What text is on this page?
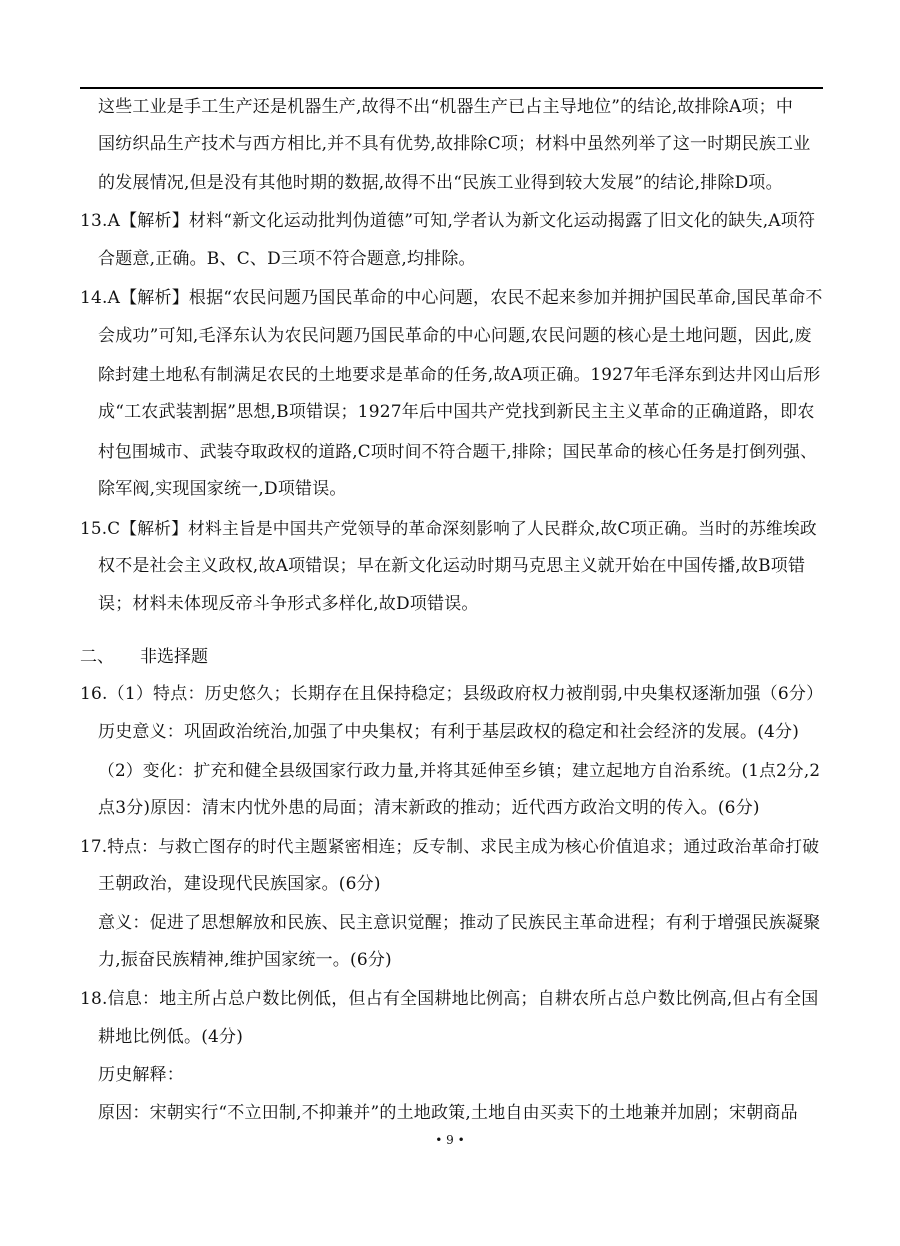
这些工业是手工生产还是机器生产,故得不出“机器生产已占主导地位”的结论,故排除A项；中
国纺织品生产技术与西方相比,并不具有优势,故排除C项；材料中虽然列举了这一时期民族工业
的发展情况,但是没有其他时期的数据,故得不出“民族工业得到较大发展”的结论,排除D项。
13.A【解析】材料“新文化运动批判伪道德”可知,学者认为新文化运动揭露了旧文化的缺失,A项符
合题意,正确。B、C、D三项不符合题意,均排除。
14.A【解析】根据“农民问题乃国民革命的中心问题，农民不起来参加并拥护国民革命,国民革命不
会成功”可知,毛泽东认为农民问题乃国民革命的中心问题,农民问题的核心是土地问题，因此,废
除封建土地私有制满足农民的土地要求是革命的任务,故A项正确。1927年毛泽东到达井冈山后形
成“工农武装割据”思想,B项错误；1927年后中国共产党找到新民主主义革命的正确道路，即农
村包围城市、武装夺取政权的道路,C项时间不符合题干,排除；国民革命的核心任务是打倒列强、
除军阀,实现国家统一,D项错误。
15.C【解析】材料主旨是中国共产党领导的革命深刻影响了人民群众,故C项正确。当时的苏维埃政
权不是社会主义政权,故A项错误；早在新文化运动时期马克思主义就开始在中国传播,故B项错
误；材料未体现反帝斗争形式多样化,故D项错误。
二、 非选择题
16.（1）特点：历史悠久；长期存在且保持稳定；县级政府权力被削弱,中央集权逐渐加强（6分）
历史意义：巩固政治统治,加强了中央集权；有利于基层政权的稳定和社会经济的发展。(4分)
（2）变化：扩充和健全县级国家行政力量,并将其延伸至乡镇；建立起地方自治系统。(1点2分,2
点3分)原因：清末内忧外患的局面；清末新政的推动；近代西方政治文明的传入。(6分)
17.特点：与救亡图存的时代主题紧密相连；反专制、求民主成为核心价值追求；通过政治革命打破
王朝政治，建设现代民族国家。(6分)
意义：促进了思想解放和民族、民主意识觉醒；推动了民族民主革命进程；有利于增强民族凝聚
力,振奋民族精神,维护国家统一。(6分)
18.信息：地主所占总户数比例低，但占有全国耕地比例高；自耕农所占总户数比例高,但占有全国
耕地比例低。(4分)
历史解释：
原因：宋朝实行“不立田制,不抑兼并”的土地政策,土地自由买卖下的土地兼并加剧；宋朝商品
• 9 •
